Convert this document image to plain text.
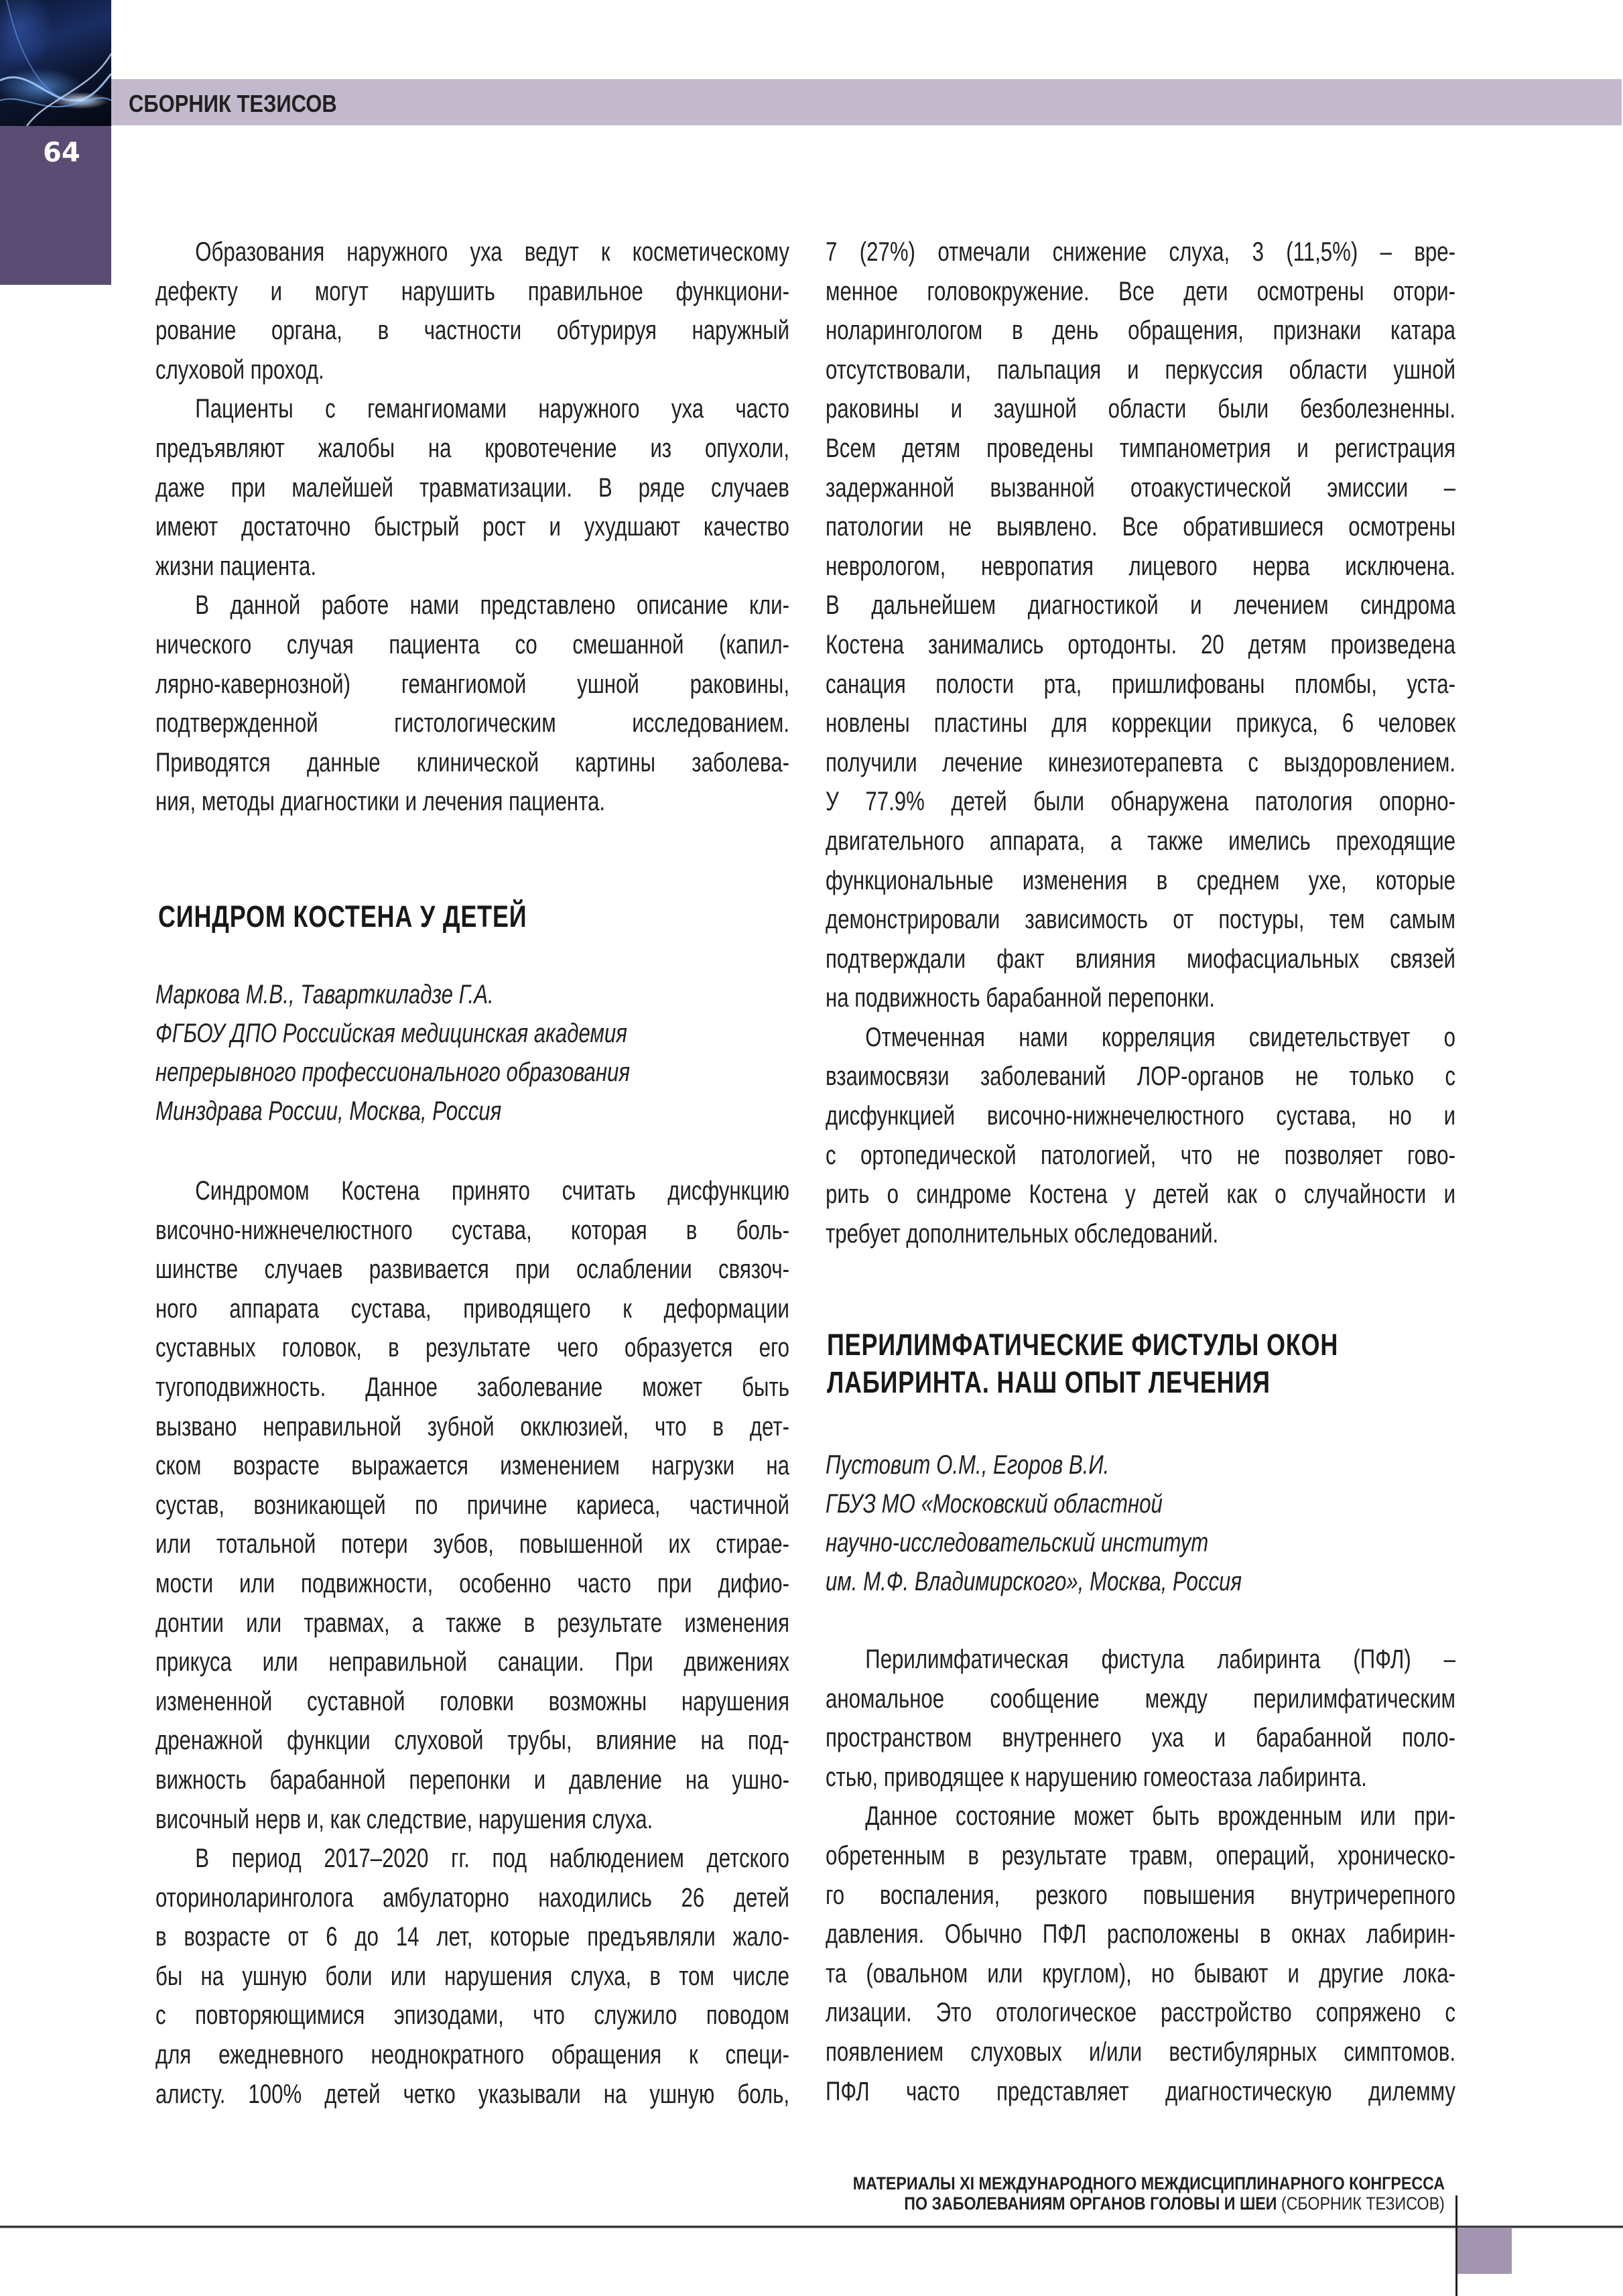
СБОРНИК ТЕЗИСОВ
64
Образования наружного уха ведут к косметическому
дефекту и могут нарушить правильное функциони-
рование органа, в частности обтурируя наружный
слуховой проход.
Пациенты с гемангиомами наружного уха часто
предъявляют жалобы на кровотечение из опухоли,
даже при малейшей травматизации. В ряде случаев
имеют достаточно быстрый рост и ухудшают качество
жизни пациента.
В данной работе нами представлено описание кли-
нического случая пациента со смешанной (капил-
лярно-кавернозной) гемангиомой ушной раковины,
подтвержденной гистологическим исследованием.
Приводятся данные клинической картины заболева-
ния, методы диагностики и лечения пациента.
СИНДРОМ КОСТЕНА У ДЕТЕЙ
Маркова М.В., Таварткиладзе Г.А.
ФГБОУ ДПО Российская медицинская академия
непрерывного профессионального образования
Минздрава России, Москва, Россия
Синдромом Костена принято считать дисфункцию
височно-нижнечелюстного сустава, которая в боль-
шинстве случаев развивается при ослаблении связоч-
ного аппарата сустава, приводящего к деформации
суставных головок, в результате чего образуется его
тугоподвижность. Данное заболевание может быть
вызвано неправильной зубной окклюзией, что в дет-
ском возрасте выражается изменением нагрузки на
сустав, возникающей по причине кариеса, частичной
или тотальной потери зубов, повышенной их стирае-
мости или подвижности, особенно часто при дифио-
донтии или травмах, а также в результате изменения
прикуса или неправильной санации. При движениях
измененной суставной головки возможны нарушения
дренажной функции слуховой трубы, влияние на под-
вижность барабанной перепонки и давление на ушно-
височный нерв и, как следствие, нарушения слуха.
В период 2017–2020 гг. под наблюдением детского
оториноларинголога амбулаторно находились 26 детей
в возрасте от 6 до 14 лет, которые предъявляли жало-
бы на ушную боли или нарушения слуха, в том числе
с повторяющимися эпизодами, что служило поводом
для ежедневного неоднократного обращения к специ-
алисту. 100% детей четко указывали на ушную боль,
7 (27%) отмечали снижение слуха, 3 (11,5%) – вре-
менное головокружение. Все дети осмотрены отори-
ноларингологом в день обращения, признаки катара
отсутствовали, пальпация и перкуссия области ушной
раковины и заушной области были безболезненны.
Всем детям проведены тимпанометрия и регистрация
задержанной вызванной отоакустической эмиссии –
патологии не выявлено. Все обратившиеся осмотрены
неврологом, невропатия лицевого нерва исключена.
В дальнейшем диагностикой и лечением синдрома
Костена занимались ортодонты. 20 детям произведена
санация полости рта, пришлифованы пломбы, уста-
новлены пластины для коррекции прикуса, 6 человек
получили лечение кинезиотерапевта с выздоровлением.
У 77.9% детей были обнаружена патология опорно-
двигательного аппарата, а также имелись преходящие
функциональные изменения в среднем ухе, которые
демонстрировали зависимость от постуры, тем самым
подтверждали факт влияния миофасциальных связей
на подвижность барабанной перепонки.
Отмеченная нами корреляция свидетельствует о
взаимосвязи заболеваний ЛОР-органов не только с
дисфункцией височно-нижнечелюстного сустава, но и
с ортопедической патологией, что не позволяет гово-
рить о синдроме Костена у детей как о случайности и
требует дополнительных обследований.
ПЕРИЛИМФАТИЧЕСКИЕ ФИСТУЛЫ ОКОН
ЛАБИРИНТА. НАШ ОПЫТ ЛЕЧЕНИЯ
Пустовит О.М., Егоров В.И.
ГБУЗ МО «Московский областной
научно-исследовательский институт
им. М.Ф. Владимирского», Москва, Россия
Перилимфатическая фистула лабиринта (ПФЛ) –
аномальное сообщение между перилимфатическим
пространством внутреннего уха и барабанной поло-
стью, приводящее к нарушению гомеостаза лабиринта.
Данное состояние может быть врожденным или при-
обретенным в результате травм, операций, хроническо-
го воспаления, резкого повышения внутричерепного
давления. Обычно ПФЛ расположены в окнах лабирин-
та (овальном или круглом), но бывают и другие лока-
лизации. Это отологическое расстройство сопряжено с
появлением слуховых и/или вестибулярных симптомов.
ПФЛ часто представляет диагностическую дилемму
МАТЕРИАЛЫ XI МЕЖДУНАРОДНОГО МЕЖДИСЦИПЛИНАРНОГО КОНГРЕССА
ПО ЗАБОЛЕВАНИЯМ ОРГАНОВ ГОЛОВЫ И ШЕИ (СБОРНИК ТЕЗИСОВ)
